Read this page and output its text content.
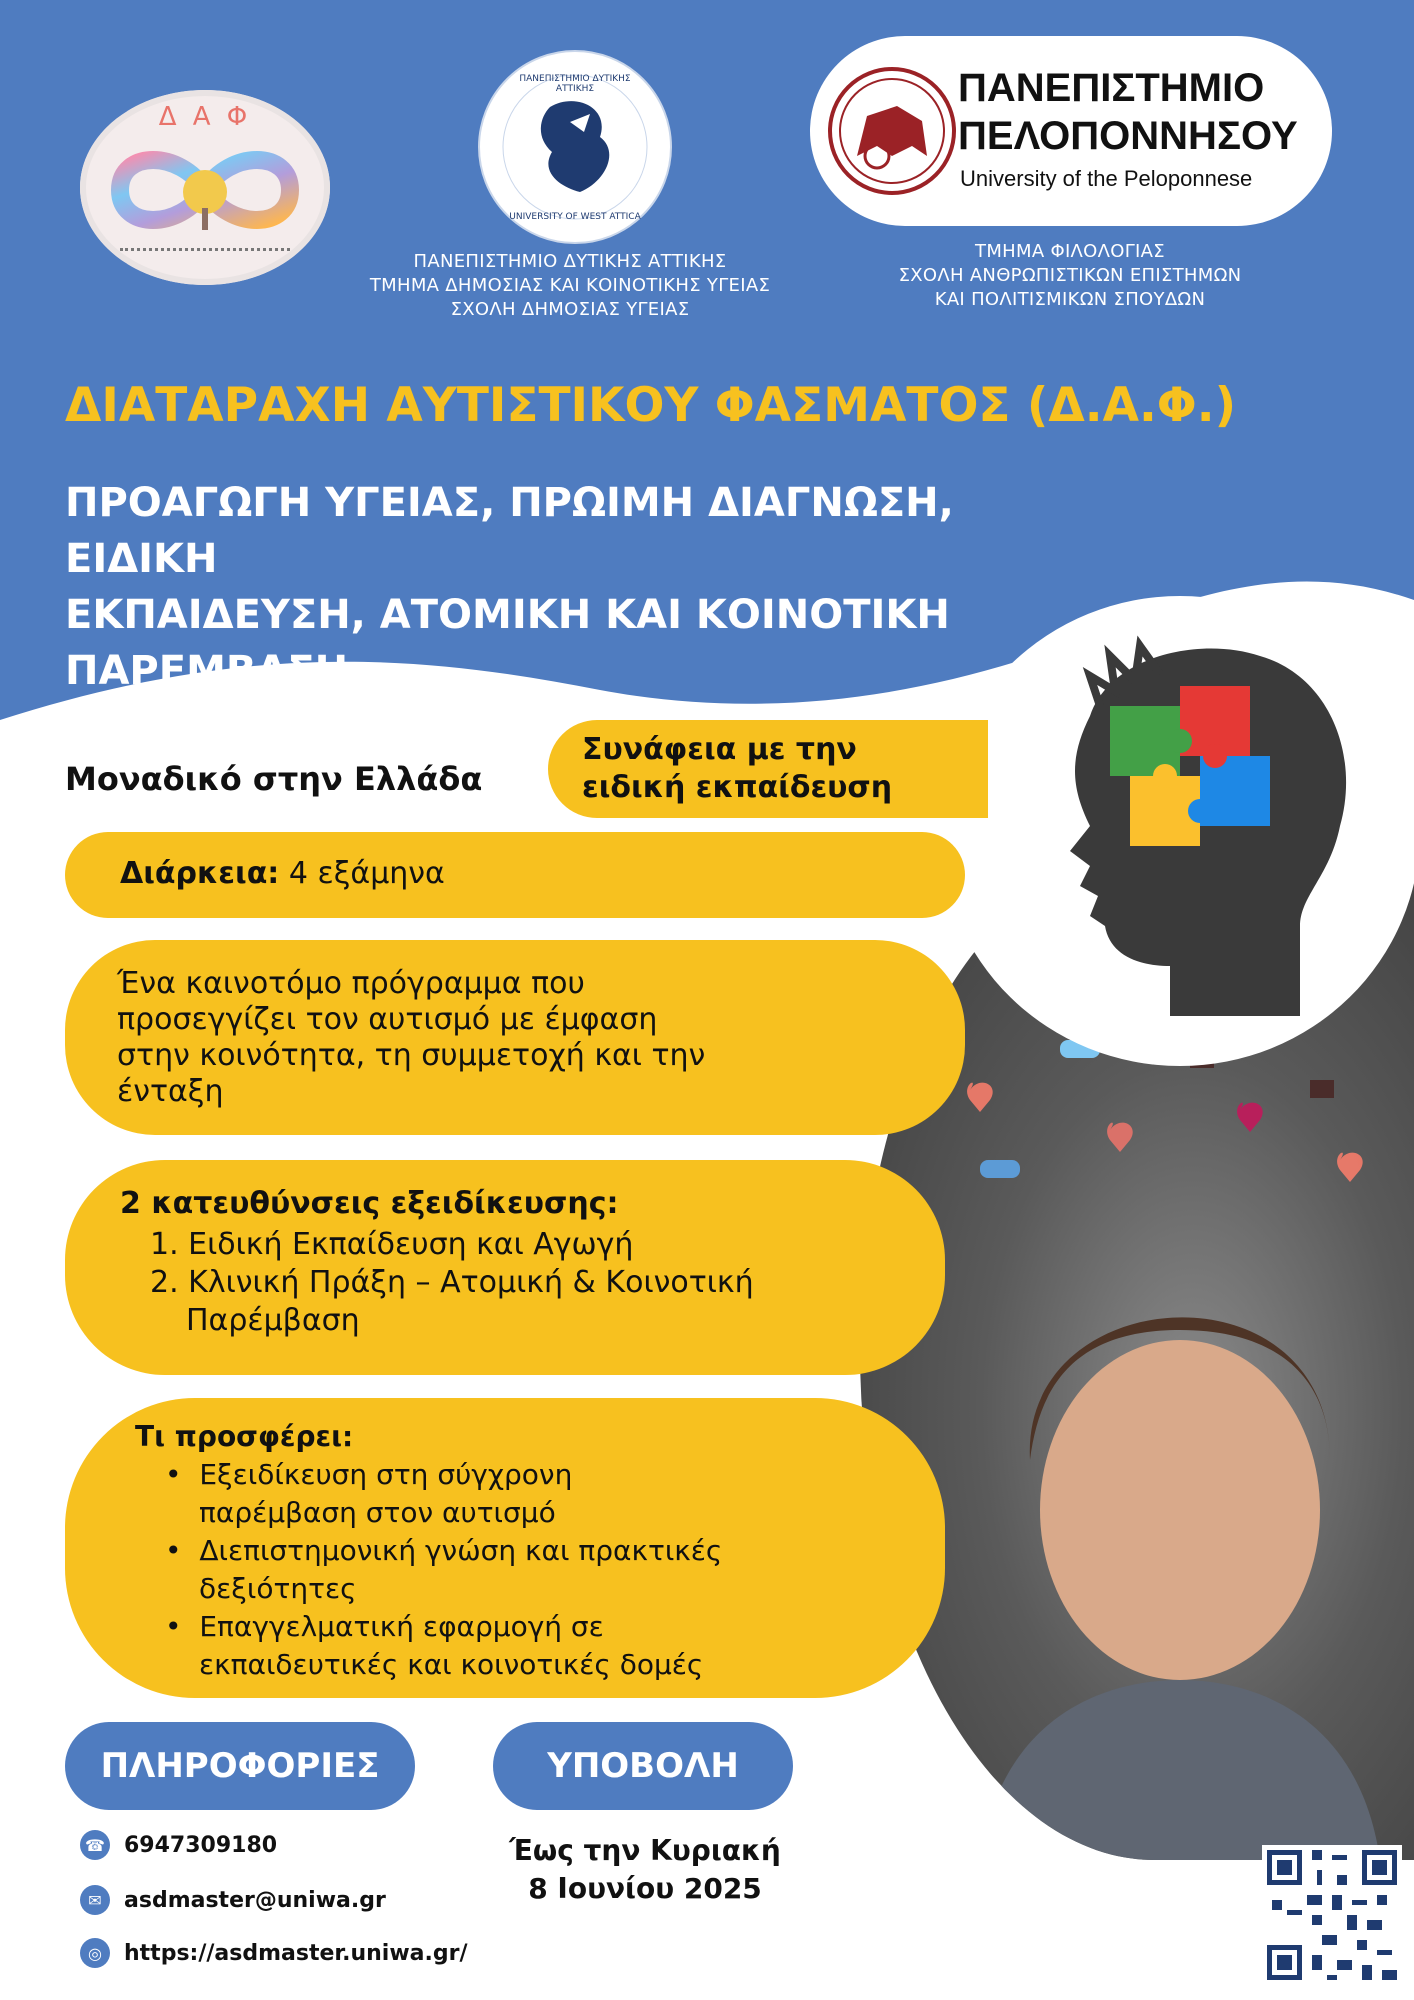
Δ Α Φ
ΠΑΝΕΠΙΣΤΗΜΙΟ ΔΥΤΙΚΗΣ ΑΤΤΙΚΗΣ
UNIVERSITY OF WEST ATTICA
ΠΑΝΕΠΙΣΤΗΜΙΟ
ΠΕΛΟΠΟΝΝΗΣΟΥ
University of the Peloponnese
ΠΑΝΕΠΙΣΤΗΜΙΟ ΔΥΤΙΚΗΣ ΑΤΤΙΚΗΣ
ΤΜΗΜΑ ΔΗΜΟΣΙΑΣ ΚΑΙ ΚΟΙΝΟΤΙΚΗΣ ΥΓΕΙΑΣ
ΣΧΟΛΗ ΔΗΜΟΣΙΑΣ ΥΓΕΙΑΣ
ΤΜΗΜΑ ΦΙΛΟΛΟΓΙΑΣ
ΣΧΟΛΗ ΑΝΘΡΩΠΙΣΤΙΚΩΝ ΕΠΙΣΤΗΜΩΝ
ΚΑΙ ΠΟΛΙΤΙΣΜΙΚΩΝ ΣΠΟΥΔΩΝ
ΔΙΑΤΑΡΑΧΗ ΑΥΤΙΣΤΙΚΟΥ ΦΑΣΜΑΤΟΣ (Δ.Α.Φ.)
ΠΡΟΑΓΩΓΗ ΥΓΕΙΑΣ, ΠΡΩΙΜΗ ΔΙΑΓΝΩΣΗ, ΕΙΔΙΚΗ
ΕΚΠΑΙΔΕΥΣΗ, ΑΤΟΜΙΚΗ ΚΑΙ ΚΟΙΝΟΤΙΚΗ
ΠΑΡΕΜΒΑΣΗ
Μοναδικό στην Ελλάδα
Συνάφεια με την
ειδική εκπαίδευση
Διάρκεια: 4 εξάμηνα
Ένα καινοτόμο πρόγραμμα που
προσεγγίζει τον αυτισμό με έμφαση
στην κοινότητα, τη συμμετοχή και την
ένταξη
2 κατευθύνσεις εξειδίκευσης:
1. Ειδική Εκπαίδευση και Αγωγή
2. Κλινική Πράξη – Ατομική & Κοινοτική
Παρέμβαση
Τι προσφέρει:
•  Εξειδίκευση στη σύγχρονη
παρέμβαση στον αυτισμό
•  Διεπιστημονική γνώση και πρακτικές
δεξιότητες
•  Επαγγελματική εφαρμογή σε
εκπαιδευτικές και κοινοτικές δομές
ΠΛΗΡΟΦΟΡΙΕΣ	ΥΠΟΒΟΛΗ
Έως την Κυριακή
8 Ιουνίου 2025
☎ 6947309180
✉	asdmaster@uniwa.gr
◎	https://asdmaster.uniwa.gr/
